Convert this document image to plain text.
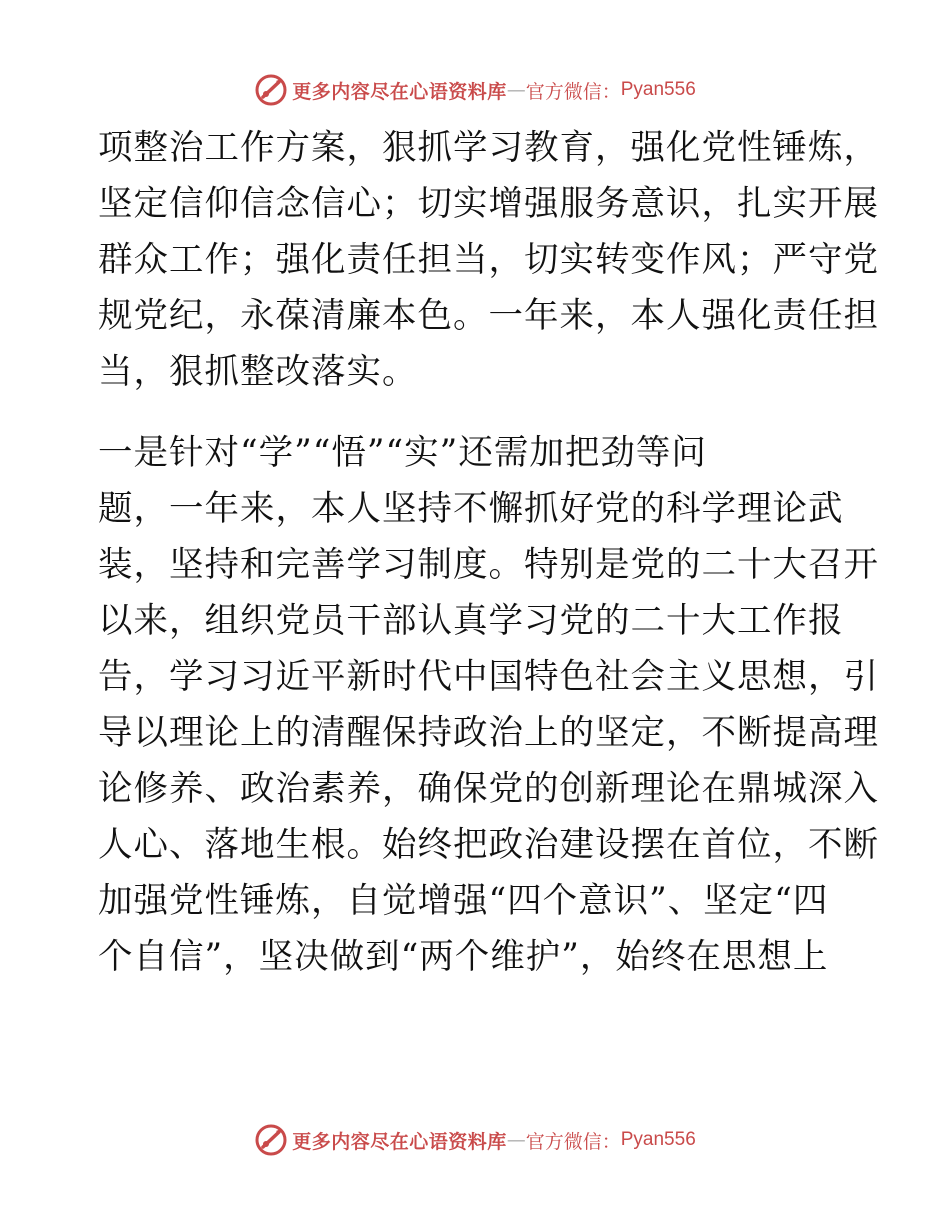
更多内容尽在心语资料库 — 官方微信： Pyan556
项整治工作方案，狠抓学习教育，强化党性锤炼，
坚定信仰信念信心；切实增强服务意识，扎实开展
群众工作；强化责任担当，切实转变作风；严守党
规党纪，永葆清廉本色。一年来，本人强化责任担
当，狠抓整改落实。
一是针对“学”“悟”“实”还需加把劲等问
题，一年来，本人坚持不懈抓好党的科学理论武
装，坚持和完善学习制度。特别是党的二十大召开
以来，组织党员干部认真学习党的二十大工作报
告，学习习近平新时代中国特色社会主义思想，引
导以理论上的清醒保持政治上的坚定，不断提高理
论修养、政治素养，确保党的创新理论在鼎城深入
人心、落地生根。始终把政治建设摆在首位，不断
加强党性锤炼，自觉增强“四个意识”、坚定“四
个自信”，坚决做到“两个维护”，始终在思想上
更多内容尽在心语资料库 — 官方微信： Pyan556
